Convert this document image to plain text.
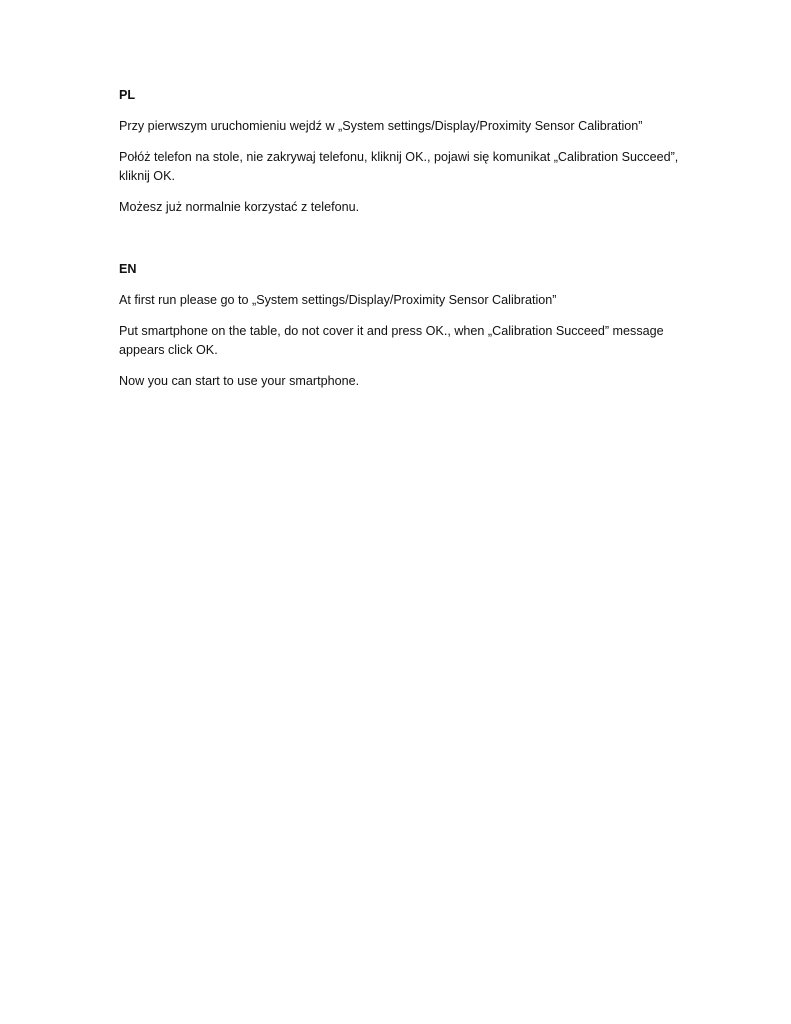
PL

Przy pierwszym uruchomieniu wejdź w „System settings/Display/Proximity Sensor Calibration”

Połóż telefon na stole, nie zakrywaj telefonu, kliknij OK., pojawi się komunikat „Calibration Succeed”, kliknij OK.

Możesz już normalnie korzystać z telefonu.

EN

At first run please go to „System settings/Display/Proximity Sensor Calibration”

Put smartphone on the table, do not cover it and press OK., when „Calibration Succeed” message appears click OK.

Now you can start to use your smartphone.
